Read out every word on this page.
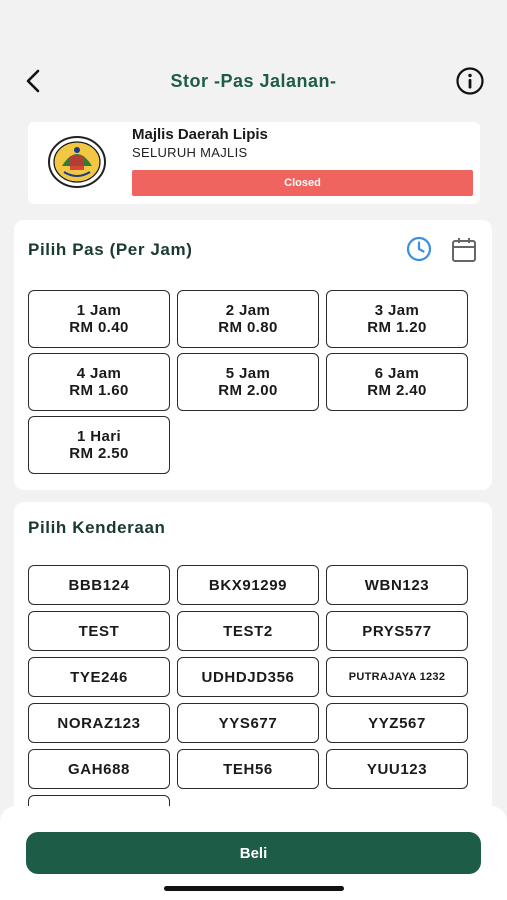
Stor -Pas Jalanan-
Majlis Daerah Lipis
SELURUH MAJLIS
Closed
Pilih Pas (Per Jam)
1 Jam
RM 0.40
2 Jam
RM 0.80
3 Jam
RM 1.20
4 Jam
RM 1.60
5 Jam
RM 2.00
6 Jam
RM 2.40
1 Hari
RM 2.50
Pilih Kenderaan
BBB124	BKX91299	WBN123
TEST	TEST2	PRYS577
TYE246	UDHDJD356	PUTRAJAYA 1232
NORAZ123	YYS677	YYZ567
GAH688	TEH56	YUU123
Beli
